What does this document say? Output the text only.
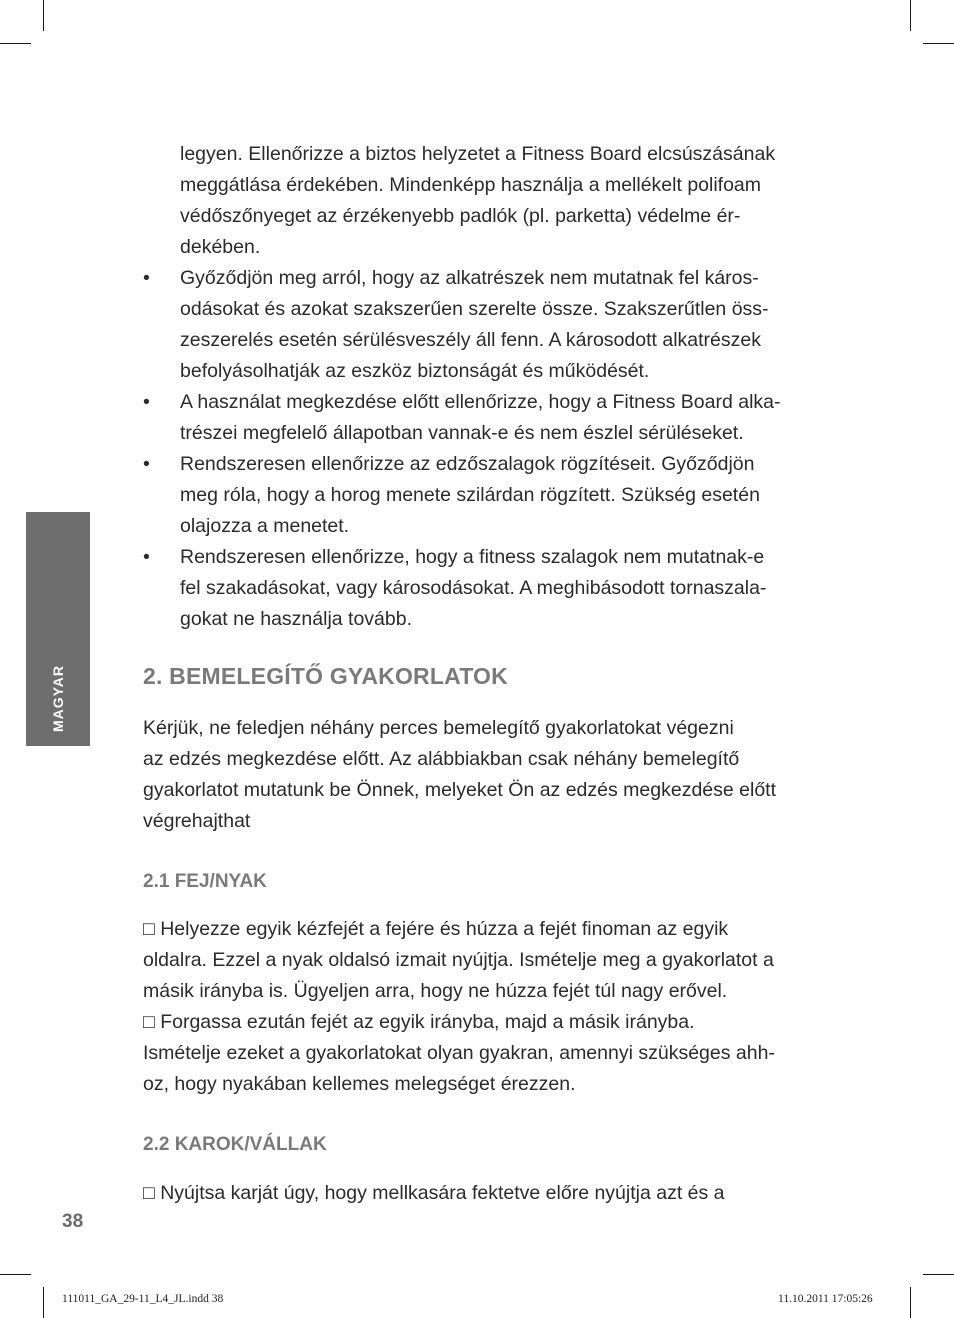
legyen. Ellenőrizze a biztos helyzetet a Fitness Board elcsúszásának
meggátlása érdekében. Mindenképp használja a mellékelt polifoam
védőszőnyeget az érzékenyebb padlók (pl. parketta) védelme ér-
dekében.
• Győződjön meg arról, hogy az alkatrészek nem mutatnak fel káros-
odásokat és azokat szakszerűen szerelte össze. Szakszerűtlen öss-
zeszerelés esetén sérülésveszély áll fenn. A károsodott alkatrészek
befolyásolhatják az eszköz biztonságát és működését.
• A használat megkezdése előtt ellenőrizze, hogy a Fitness Board alka-
trészei megfelelő állapotban vannak-e és nem észlel sérüléseket.
• Rendszeresen ellenőrizze az edzőszalagok rögzítéseit. Győződjön
meg róla, hogy a horog menete szilárdan rögzített. Szükség esetén
olajozza a menetet.
• Rendszeresen ellenőrizze, hogy a fitness szalagok nem mutatnak-e
fel szakadásokat, vagy károsodásokat. A meghibásodott tornaszala-
gokat ne használja tovább.
2. BEMELEGÍTŐ GYAKORLATOK
Kérjük, ne feledjen néhány perces bemelegítő gyakorlatokat végezni
az edzés megkezdése előtt. Az alábbiakban csak néhány bemelegítő
gyakorlatot mutatunk be Önnek, melyeket Ön az edzés megkezdése előtt
végrehajthat
2.1 FEJ/NYAK
□ Helyezze egyik kézfejét a fejére és húzza a fejét finoman az egyik
oldalra. Ezzel a nyak oldalsó izmait nyújtja. Ismételje meg a gyakorlatot a
másik irányba is. Ügyeljen arra, hogy ne húzza fejét túl nagy erővel.
□ Forgassa ezután fejét az egyik irányba, majd a másik irányba.
Ismételje ezeket a gyakorlatokat olyan gyakran, amennyi szükséges ahh-
oz, hogy nyakában kellemes melegséget érezzen.
2.2 KAROK/VÁLLAK
□ Nyújtsa karját úgy, hogy mellkasára fektetve előre nyújtja azt és a
MAGYAR
38
111011_GA_29-11_L4_JL.indd 38	11.10.2011 17:05:26
